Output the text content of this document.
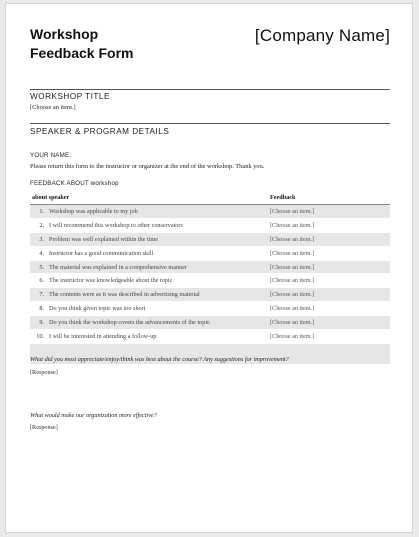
Workshop
Feedback Form
[Company Name]
WORKSHOP TITLE
[Choose an item.]
SPEAKER & PROGRAM DETAILS
YOUR NAME:
Please return this form to the instructor or organizer at the end of the workshop. Thank you.
FEEDBACK ABOUT workshop
about speaker	Feedback
1. Workshop was applicable to my job	[Choose an item.]
2. I will recommend this workshop to other conservators	[Choose an item.]
3. Problem was well explained within the time	[Choose an item.]
4. Instructor has a good communication skill	[Choose an item.]
5. The material was explained in a comprehensive manner	[Choose an item.]
6. The instructor was knowledgeable about the topic	[Choose an item.]
7. The contents were as it was described in advertising material	[Choose an item.]
8. Do you think given topic was too short	[Choose an item.]
9. Do you think the workshop covers the advancements of the topic	[Choose an item.]
10. I will be interested in attending a follow-up	[Choose an item.]
What did you most appreciate/enjoy/think was best about the course? Any suggestions for improvement?
[Response]
What would make our organization more effective?
[Response]
